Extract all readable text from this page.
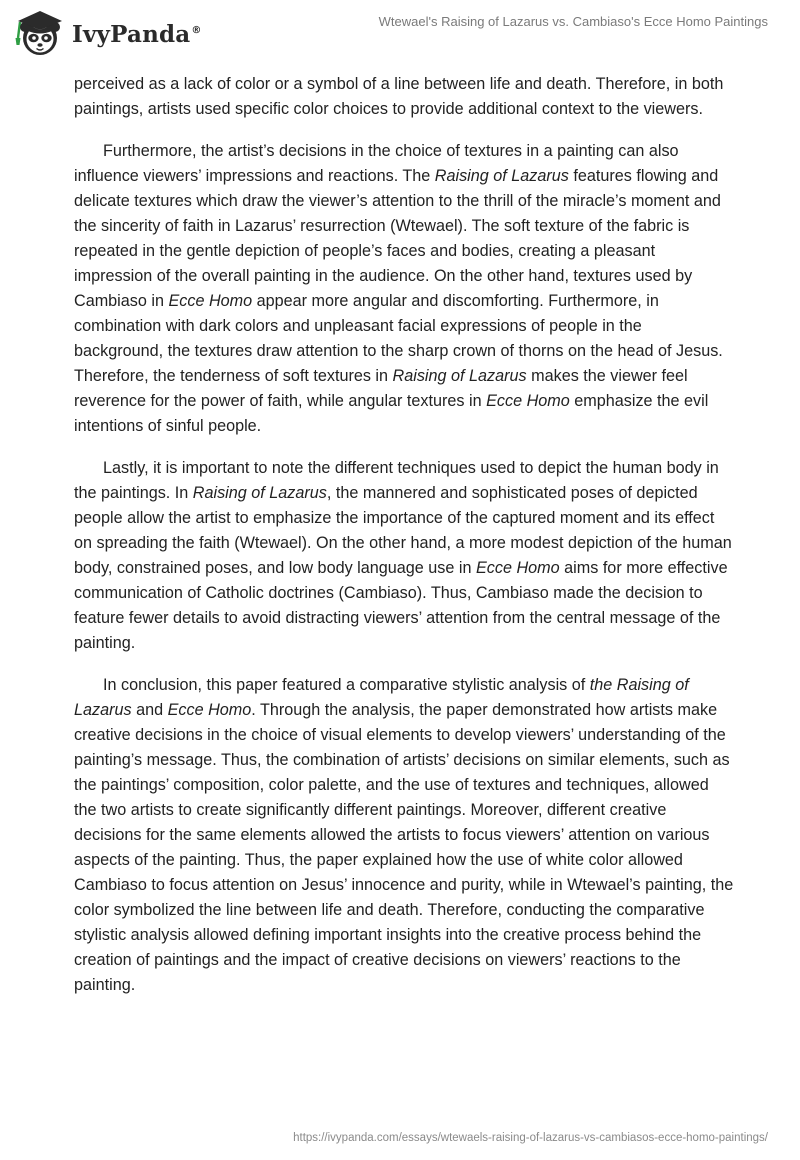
IvyPanda®
Wtewael's Raising of Lazarus vs. Cambiaso's Ecce Homo Paintings

perceived as a lack of color or a symbol of a line between life and death. Therefore, in both paintings, artists used specific color choices to provide additional context to the viewers.

Furthermore, the artist’s decisions in the choice of textures in a painting can also influence viewers’ impressions and reactions. The Raising of Lazarus features flowing and delicate textures which draw the viewer’s attention to the thrill of the miracle’s moment and the sincerity of faith in Lazarus’ resurrection (Wtewael). The soft texture of the fabric is repeated in the gentle depiction of people’s faces and bodies, creating a pleasant impression of the overall painting in the audience. On the other hand, textures used by Cambiaso in Ecce Homo appear more angular and discomforting. Furthermore, in combination with dark colors and unpleasant facial expressions of people in the background, the textures draw attention to the sharp crown of thorns on the head of Jesus. Therefore, the tenderness of soft textures in Raising of Lazarus makes the viewer feel reverence for the power of faith, while angular textures in Ecce Homo emphasize the evil intentions of sinful people.

Lastly, it is important to note the different techniques used to depict the human body in the paintings. In Raising of Lazarus, the mannered and sophisticated poses of depicted people allow the artist to emphasize the importance of the captured moment and its effect on spreading the faith (Wtewael). On the other hand, a more modest depiction of the human body, constrained poses, and low body language use in Ecce Homo aims for more effective communication of Catholic doctrines (Cambiaso). Thus, Cambiaso made the decision to feature fewer details to avoid distracting viewers’ attention from the central message of the painting.

In conclusion, this paper featured a comparative stylistic analysis of the Raising of Lazarus and Ecce Homo. Through the analysis, the paper demonstrated how artists make creative decisions in the choice of visual elements to develop viewers’ understanding of the painting’s message. Thus, the combination of artists’ decisions on similar elements, such as the paintings’ composition, color palette, and the use of textures and techniques, allowed the two artists to create significantly different paintings. Moreover, different creative decisions for the same elements allowed the artists to focus viewers’ attention on various aspects of the painting. Thus, the paper explained how the use of white color allowed Cambiaso to focus attention on Jesus’ innocence and purity, while in Wtewael’s painting, the color symbolized the line between life and death. Therefore, conducting the comparative stylistic analysis allowed defining important insights into the creative process behind the creation of paintings and the impact of creative decisions on viewers’ reactions to the painting.

https://ivypanda.com/essays/wtewaels-raising-of-lazarus-vs-cambiasos-ecce-homo-paintings/
